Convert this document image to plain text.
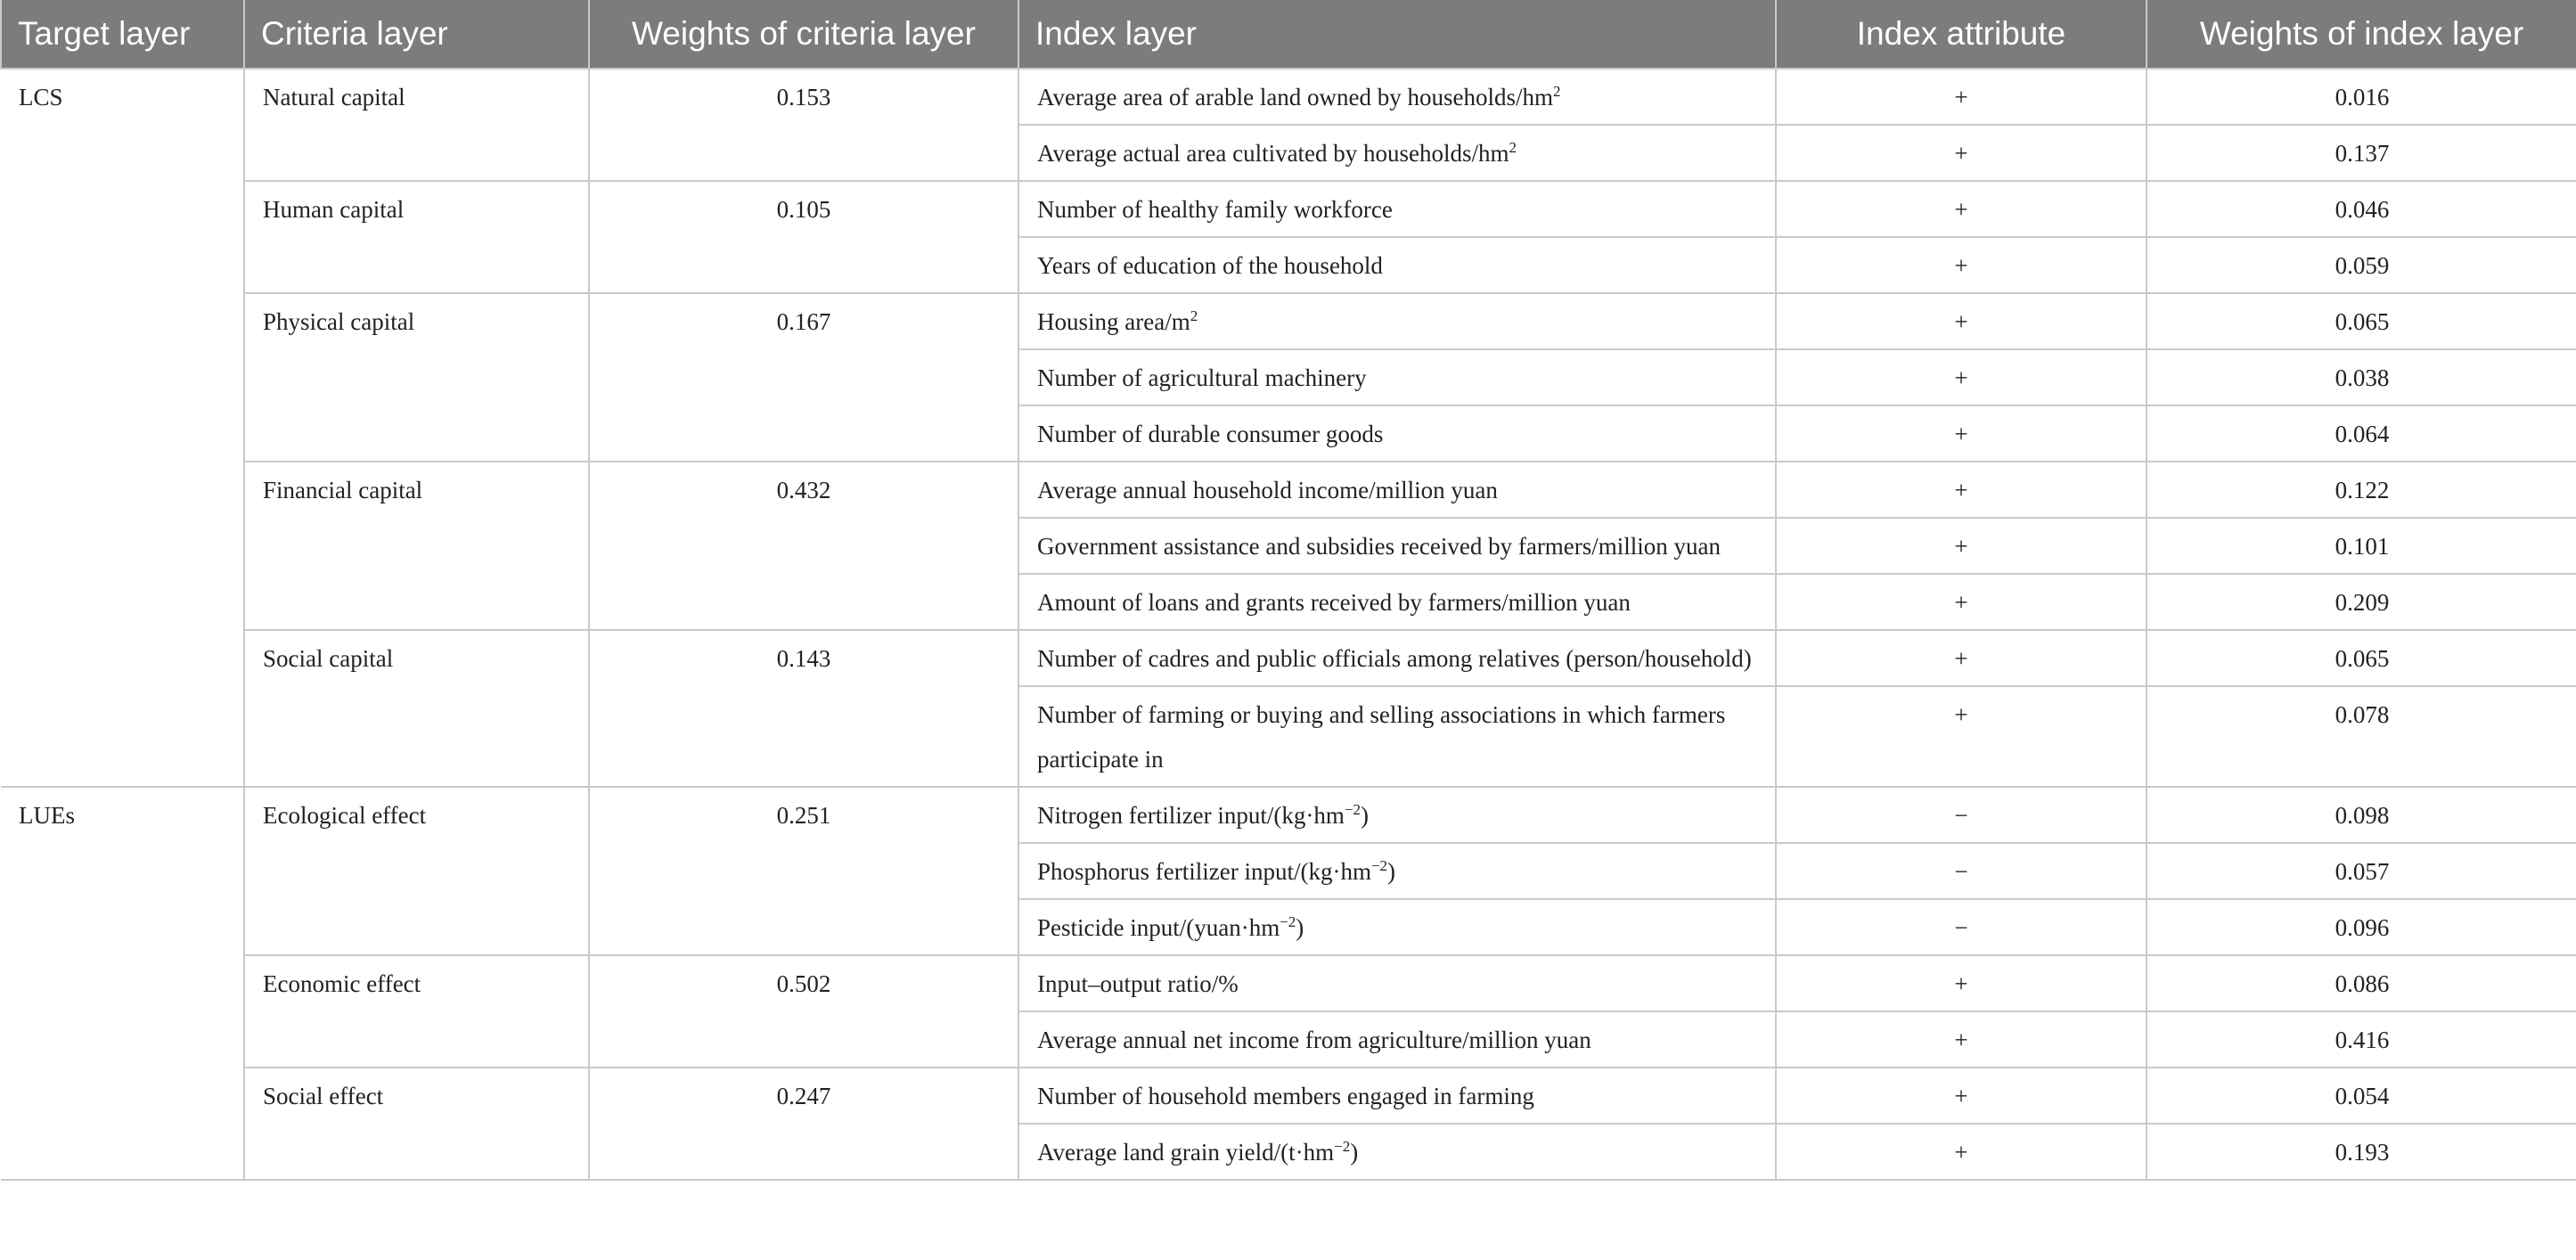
Target layer	Criteria layer	Weights of criteria layer	Index layer	Index attribute	Weights of index layer
LCS	Natural capital	0.153	Average area of arable land owned by households/$hm^2$	+	0.016
			Average actual area cultivated by households/$hm^2$	+	0.137
	Human capital	0.105	Number of healthy family workforce	+	0.046
			Years of education of the household	+	0.059
	Physical capital	0.167	Housing area/$m^2$	+	0.065
			Number of agricultural machinery	+	0.038
			Number of durable consumer goods	+	0.064
	Financial capital	0.432	Average annual household income/million yuan	+	0.122
			Government assistance and subsidies received by farmers/million yuan	+	0.101
			Amount of loans and grants received by farmers/million yuan	+	0.209
	Social capital	0.143	Number of cadres and public officials among relatives (person/household)	+	0.065
			Number of farming or buying and selling associations in which farmers participate in	+	0.078
LUEs	Ecological effect	0.251	Nitrogen fertilizer input/$(kg\cdot hm^{-2})$	−	0.098
			Phosphorus fertilizer input/$(kg\cdot hm^{-2})$	−	0.057
			Pesticide input/$(yuan\cdot hm^{-2})$	−	0.096
	Economic effect	0.502	Input–output ratio/%	+	0.086
			Average annual net income from agriculture/million yuan	+	0.416
	Social effect	0.247	Number of household members engaged in farming	+	0.054
			Average land grain yield/$(t\cdot hm^{-2})$	+	0.193
